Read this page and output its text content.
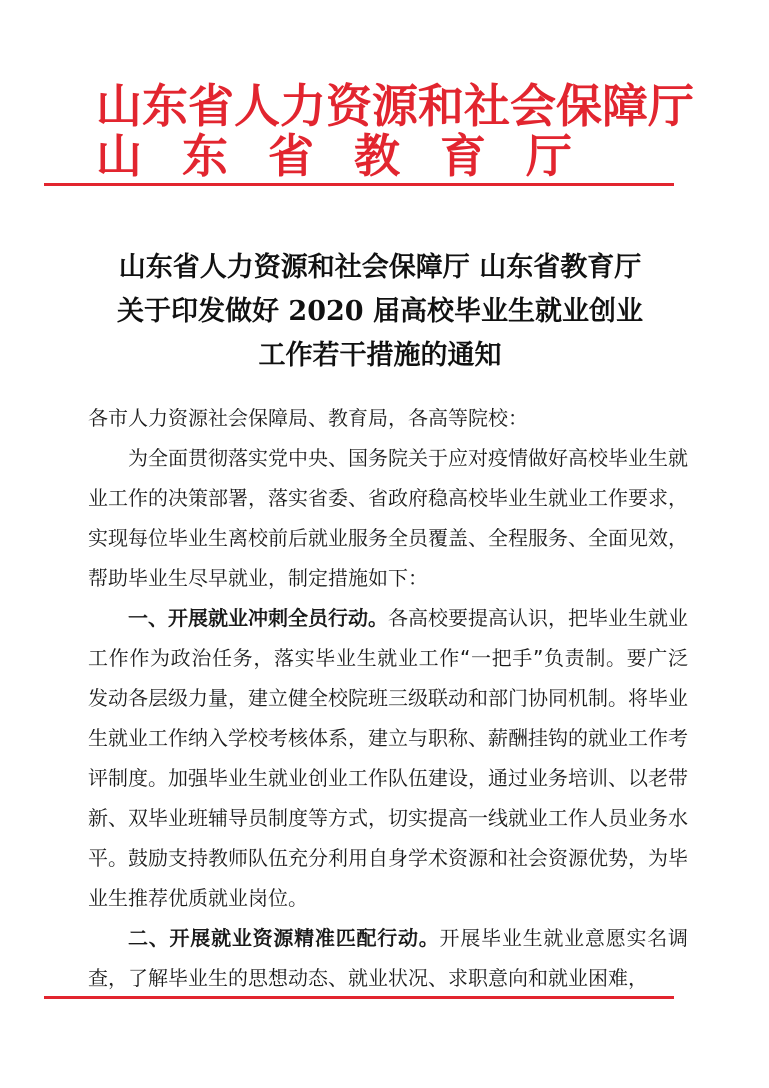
山东省人力资源和社会保障厅
山东省教育厅
山东省人力资源和社会保障厅 山东省教育厅
关于印发做好 2020 届高校毕业生就业创业
工作若干措施的通知

各市人力资源社会保障局、教育局，各高等院校：

为全面贯彻落实党中央、国务院关于应对疫情做好高校毕业生就业工作的决策部署，落实省委、省政府稳高校毕业生就业工作要求，实现每位毕业生离校前后就业服务全员覆盖、全程服务、全面见效，帮助毕业生尽早就业，制定措施如下：

一、开展就业冲刺全员行动。各高校要提高认识，把毕业生就业工作作为政治任务，落实毕业生就业工作“一把手”负责制。要广泛发动各层级力量，建立健全校院班三级联动和部门协同机制。将毕业生就业工作纳入学校考核体系，建立与职称、薪酬挂钩的就业工作考评制度。加强毕业生就业创业工作队伍建设，通过业务培训、以老带新、双毕业班辅导员制度等方式，切实提高一线就业工作人员业务水平。鼓励支持教师队伍充分利用自身学术资源和社会资源优势，为毕业生推荐优质就业岗位。

二、开展就业资源精准匹配行动。开展毕业生就业意愿实名调查，了解毕业生的思想动态、就业状况、求职意向和就业困难，
